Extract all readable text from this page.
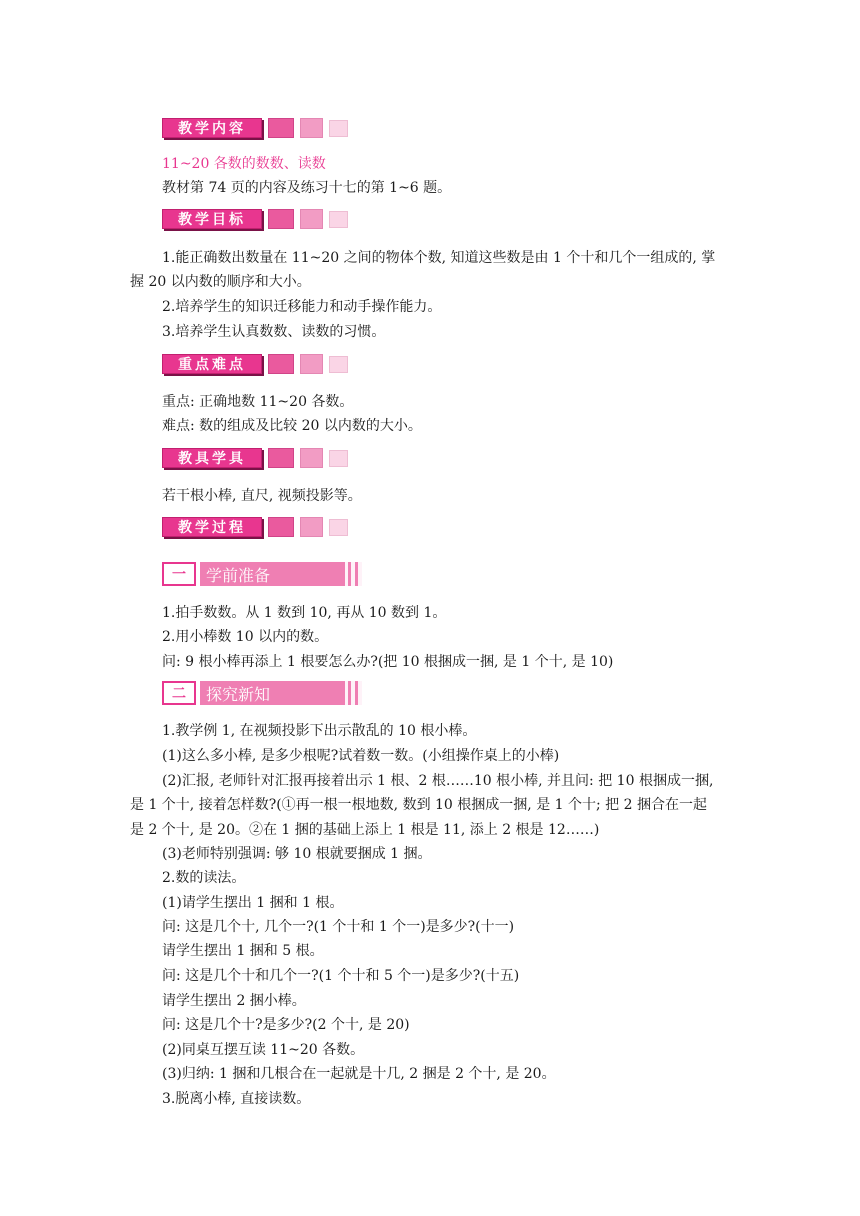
教学内容
11~20 各数的数数、读数
教材第 74 页的内容及练习十七的第 1~6 题。
教学目标
1.能正确数出数量在 11~20 之间的物体个数, 知道这些数是由 1 个十和几个一组成的, 掌
握 20 以内数的顺序和大小。
2.培养学生的知识迁移能力和动手操作能力。
3.培养学生认真数数、读数的习惯。
重点难点
重点: 正确地数 11~20 各数。
难点: 数的组成及比较 20 以内数的大小。
教具学具
若干根小棒, 直尺, 视频投影等。
教学过程
一	学前准备
1.拍手数数。从 1 数到 10, 再从 10 数到 1。
2.用小棒数 10 以内的数。
问: 9 根小棒再添上 1 根要怎么办?(把 10 根捆成一捆, 是 1 个十, 是 10)
二	探究新知
1.教学例 1, 在视频投影下出示散乱的 10 根小棒。
(1)这么多小棒, 是多少根呢?试着数一数。(小组操作桌上的小棒)
(2)汇报, 老师针对汇报再接着出示 1 根、2 根……10 根小棒, 并且问: 把 10 根捆成一捆,
是 1 个十, 接着怎样数?(①再一根一根地数, 数到 10 根捆成一捆, 是 1 个十; 把 2 捆合在一起
是 2 个十, 是 20。②在 1 捆的基础上添上 1 根是 11, 添上 2 根是 12……)
(3)老师特别强调: 够 10 根就要捆成 1 捆。
2.数的读法。
(1)请学生摆出 1 捆和 1 根。
问: 这是几个十, 几个一?(1 个十和 1 个一)是多少?(十一)
请学生摆出 1 捆和 5 根。
问: 这是几个十和几个一?(1 个十和 5 个一)是多少?(十五)
请学生摆出 2 捆小棒。
问: 这是几个十?是多少?(2 个十, 是 20)
(2)同桌互摆互读 11~20 各数。
(3)归纳: 1 捆和几根合在一起就是十几, 2 捆是 2 个十, 是 20。
3.脱离小棒, 直接读数。
